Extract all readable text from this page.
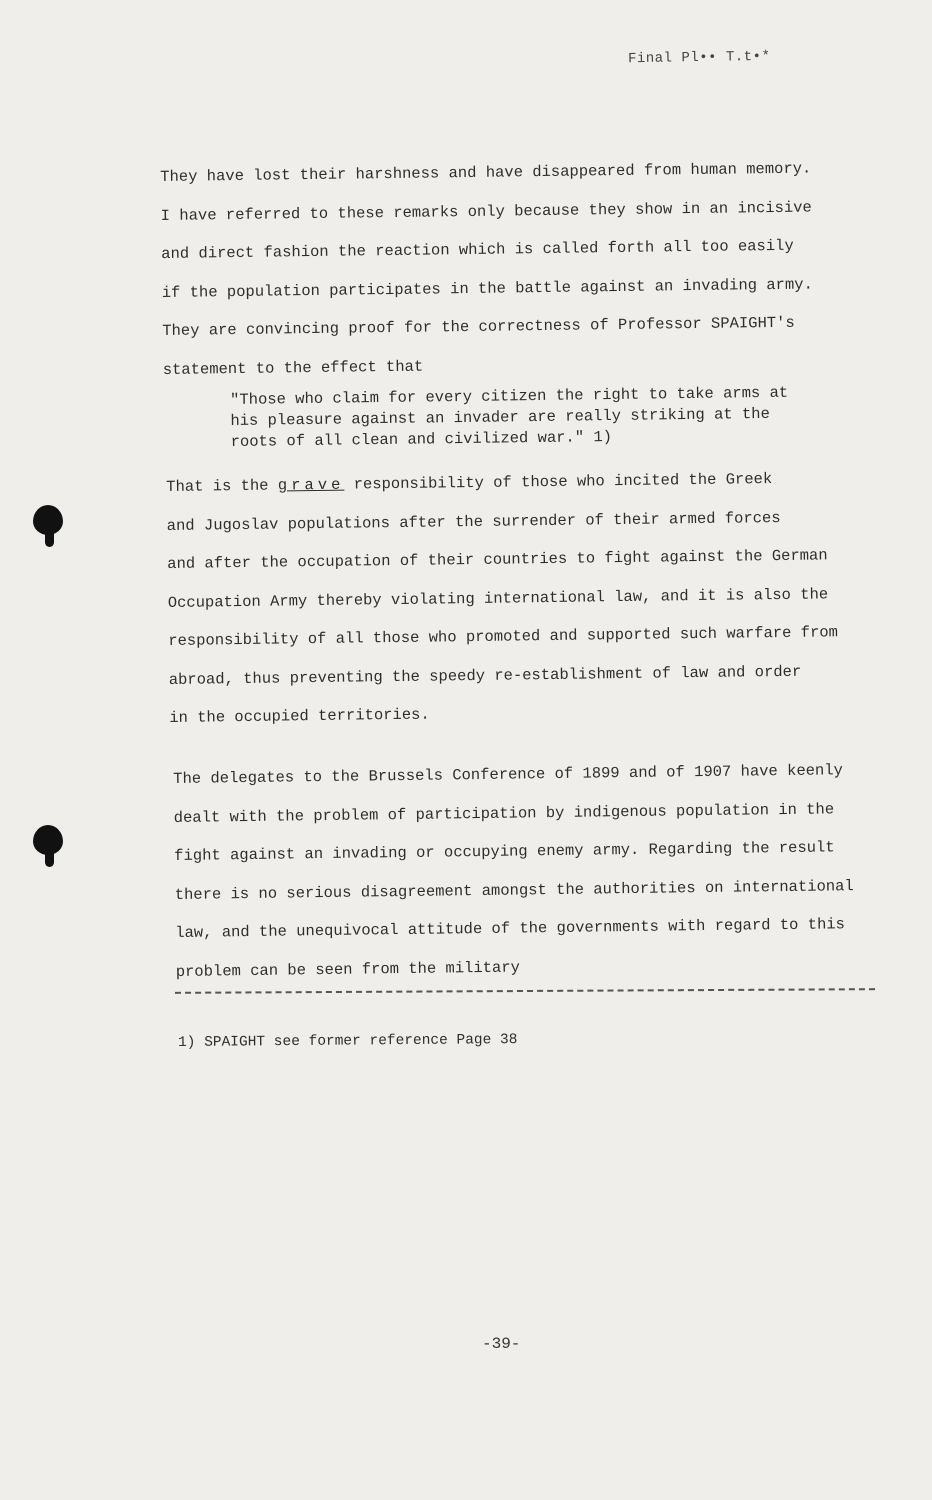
Final Pl•• T.t•*
They have lost their harshness and have disappeared from human memory.
I have referred to these remarks only because they show in an incisive
and direct fashion the reaction which is called forth all too easily
if the population participates in the battle against an invading army.
They are convincing proof for the correctness of Professor SPAIGHT's
statement to the effect that
"Those who claim for every citizen the right to take arms at
his pleasure against an invader are really striking at the
roots of all clean and civilized war." 1)
That is the grave responsibility of those who incited the Greek
and Jugoslav populations after the surrender of their armed forces
and after the occupation of their countries to fight against the German
Occupation Army thereby violating international law, and it is also the
responsibility of all those who promoted and supported such warfare from
abroad, thus preventing the speedy re-establishment of law and order
in the occupied territories.
The delegates to the Brussels Conference of 1899 and of 1907 have keenly
dealt with the problem of participation by indigenous population in the
fight against an invading or occupying enemy army. Regarding the result
there is no serious disagreement amongst the authorities on international
law, and the unequivocal attitude of the governments with regard to this
problem can be seen from the military
1) SPAIGHT see former reference Page 38
-39-
